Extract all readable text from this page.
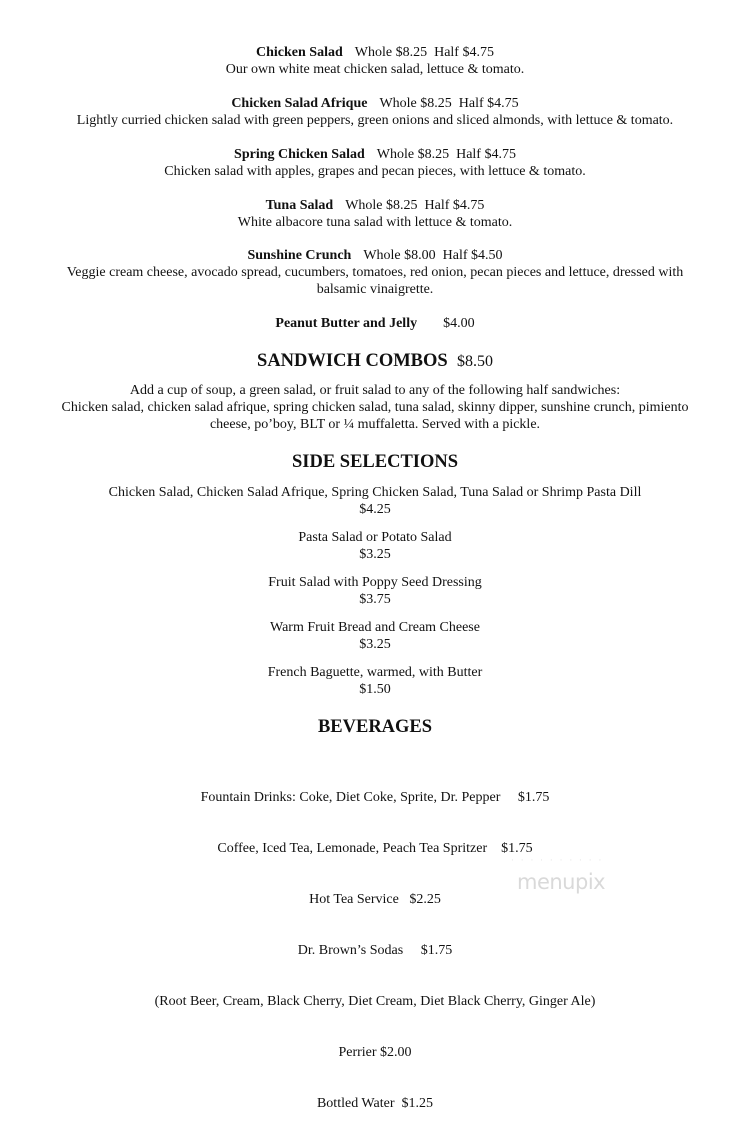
Chicken Salad Whole $8.25 Half $4.75
Our own white meat chicken salad, lettuce & tomato.
Chicken Salad Afrique Whole $8.25 Half $4.75
Lightly curried chicken salad with green peppers, green onions and sliced almonds, with lettuce & tomato.
Spring Chicken Salad Whole $8.25 Half $4.75
Chicken salad with apples, grapes and pecan pieces, with lettuce & tomato.
Tuna Salad Whole $8.25 Half $4.75
White albacore tuna salad with lettuce & tomato.
Sunshine Crunch Whole $8.00 Half $4.50
Veggie cream cheese, avocado spread, cucumbers, tomatoes, red onion, pecan pieces and lettuce, dressed with
balsamic vinaigrette.
Peanut Butter and Jelly $4.00
SANDWICH COMBOS $8.50
Add a cup of soup, a green salad, or fruit salad to any of the following half sandwiches:
Chicken salad, chicken salad afrique, spring chicken salad, tuna salad, skinny dipper, sunshine crunch, pimiento
cheese, po’boy, BLT or ¼ muffaletta. Served with a pickle.
SIDE SELECTIONS
Chicken Salad, Chicken Salad Afrique, Spring Chicken Salad, Tuna Salad or Shrimp Pasta Dill
$4.25
Pasta Salad or Potato Salad
$3.25
Fruit Salad with Poppy Seed Dressing
$3.75
Warm Fruit Bread and Cream Cheese
$3.25
French Baguette, warmed, with Butter
$1.50
BEVERAGES

Fountain Drinks: Coke, Diet Coke, Sprite, Dr. Pepper     $1.75

Coffee, Iced Tea, Lemonade, Peach Tea Spritzer    $1.75

Hot Tea Service   $2.25

Dr. Brown’s Sodas     $1.75

(Root Beer, Cream, Black Cherry, Diet Cream, Diet Black Cherry, Ginger Ale)

Perrier $2.00

Bottled Water  $1.25

· · · · · · · · · ·
menupix
